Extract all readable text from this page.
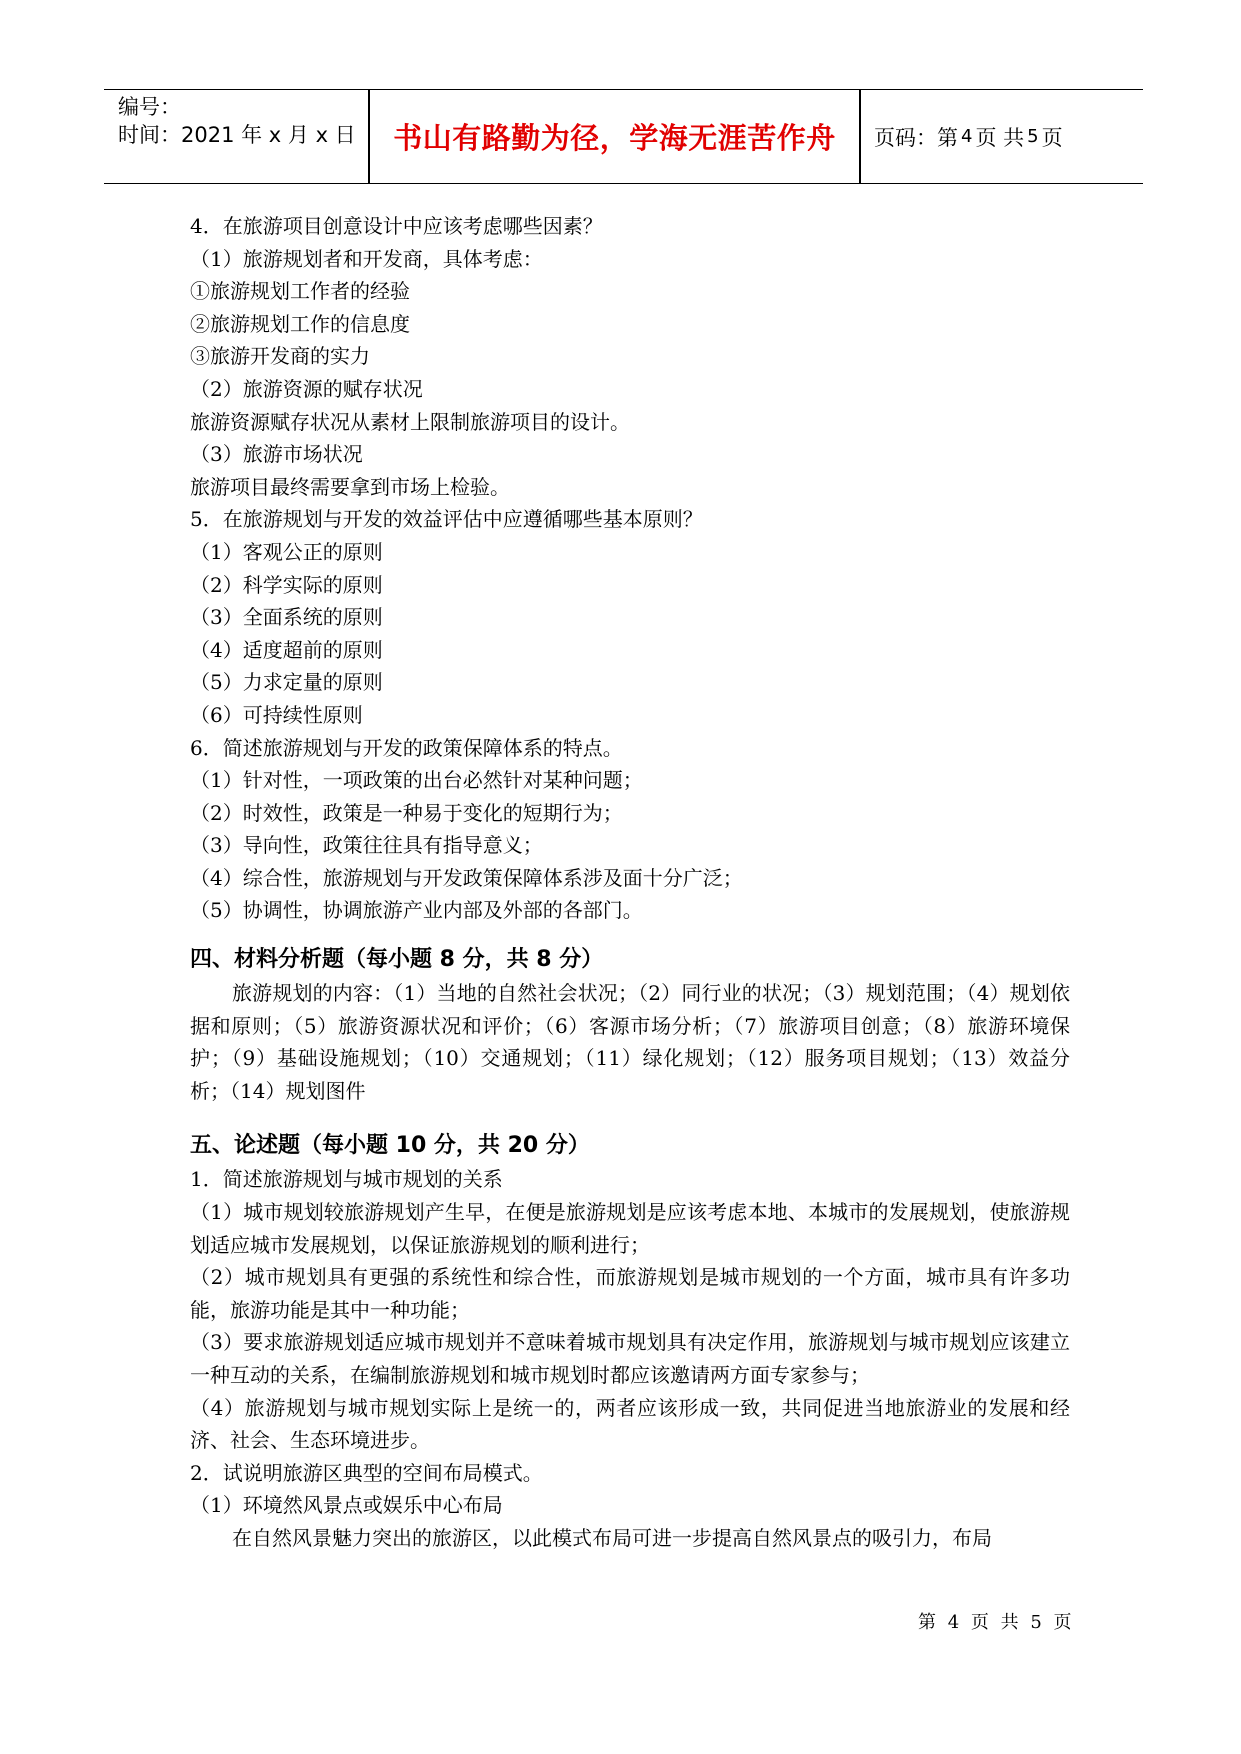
编号：
时间：2021 年 x 月 x 日	书山有路勤为径，学海无涯苦作舟	页码：第 4 页 共 5 页
4．在旅游项目创意设计中应该考虑哪些因素？
（1）旅游规划者和开发商，具体考虑：
①旅游规划工作者的经验
②旅游规划工作的信息度
③旅游开发商的实力
（2）旅游资源的赋存状况
旅游资源赋存状况从素材上限制旅游项目的设计。
（3）旅游市场状况
旅游项目最终需要拿到市场上检验。
5．在旅游规划与开发的效益评估中应遵循哪些基本原则？
（1）客观公正的原则
（2）科学实际的原则
（3）全面系统的原则
（4）适度超前的原则
（5）力求定量的原则
（6）可持续性原则
6．简述旅游规划与开发的政策保障体系的特点。
（1）针对性，一项政策的出台必然针对某种问题；
（2）时效性，政策是一种易于变化的短期行为；
（3）导向性，政策往往具有指导意义；
（4）综合性，旅游规划与开发政策保障体系涉及面十分广泛；
（5）协调性，协调旅游产业内部及外部的各部门。
四、材料分析题（每小题 8 分，共 8 分）
旅游规划的内容：（1）当地的自然社会状况；（2）同行业的状况；（3）规划范围；（4）规划依据和原则；（5）旅游资源状况和评价；（6）客源市场分析；（7）旅游项目创意；（8）旅游环境保护；（9）基础设施规划；（10）交通规划；（11）绿化规划；（12）服务项目规划；（13）效益分析；（14）规划图件
五、论述题（每小题 10 分，共 20 分）
1．简述旅游规划与城市规划的关系
（1）城市规划较旅游规划产生早，在便是旅游规划是应该考虑本地、本城市的发展规划，使旅游规划适应城市发展规划，以保证旅游规划的顺利进行；
（2）城市规划具有更强的系统性和综合性，而旅游规划是城市规划的一个方面，城市具有许多功能，旅游功能是其中一种功能；
（3）要求旅游规划适应城市规划并不意味着城市规划具有决定作用，旅游规划与城市规划应该建立一种互动的关系，在编制旅游规划和城市规划时都应该邀请两方面专家参与；
（4）旅游规划与城市规划实际上是统一的，两者应该形成一致，共同促进当地旅游业的发展和经济、社会、生态环境进步。
2．试说明旅游区典型的空间布局模式。
（1）环境然风景点或娱乐中心布局
在自然风景魅力突出的旅游区，以此模式布局可进一步提高自然风景点的吸引力，布局
第 4 页 共 5 页
